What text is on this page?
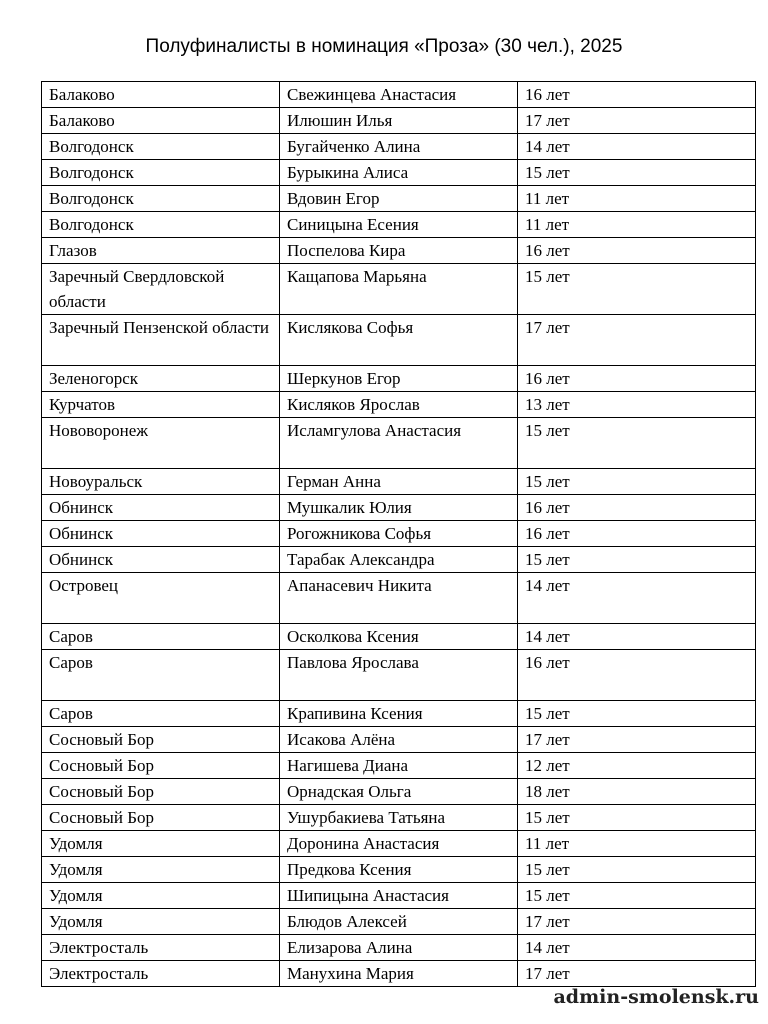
Полуфиналисты в номинация «Проза» (30 чел.), 2025
Балаково	Свежинцева Анастасия	16 лет
Балаково	Илюшин Илья	17 лет
Волгодонск	Бугайченко Алина	14 лет
Волгодонск	Бурыкина Алиса	15 лет
Волгодонск	Вдовин Егор	11 лет
Волгодонск	Синицына Есения	11 лет
Глазов	Поспелова Кира	16 лет
Заречный Свердловской области	Кащапова Марьяна	15 лет
Заречный Пензенской области	Кислякова Софья	17 лет
Зеленогорск	Шеркунов Егор	16 лет
Курчатов	Кисляков Ярослав	13 лет
Нововоронеж	Исламгулова Анастасия	15 лет
Новоуральск	Герман Анна	15 лет
Обнинск	Мушкалик Юлия	16 лет
Обнинск	Рогожникова Софья	16 лет
Обнинск	Тарабак Александра	15 лет
Островец	Апанасевич Никита	14 лет
Саров	Осколкова Ксения	14 лет
Саров	Павлова Ярослава	16 лет
Саров	Крапивина Ксения	15 лет
Сосновый Бор	Исакова Алёна	17 лет
Сосновый Бор	Нагишева Диана	12 лет
Сосновый Бор	Орнадская Ольга	18 лет
Сосновый Бор	Ушурбакиева Татьяна	15 лет
Удомля	Доронина Анастасия	11 лет
Удомля	Предкова Ксения	15 лет
Удомля	Шипицына Анастасия	15 лет
Удомля	Блюдов Алексей	17 лет
Электросталь	Елизарова Алина	14 лет
Электросталь	Манухина Мария	17 лет
admin-smolensk.ru
